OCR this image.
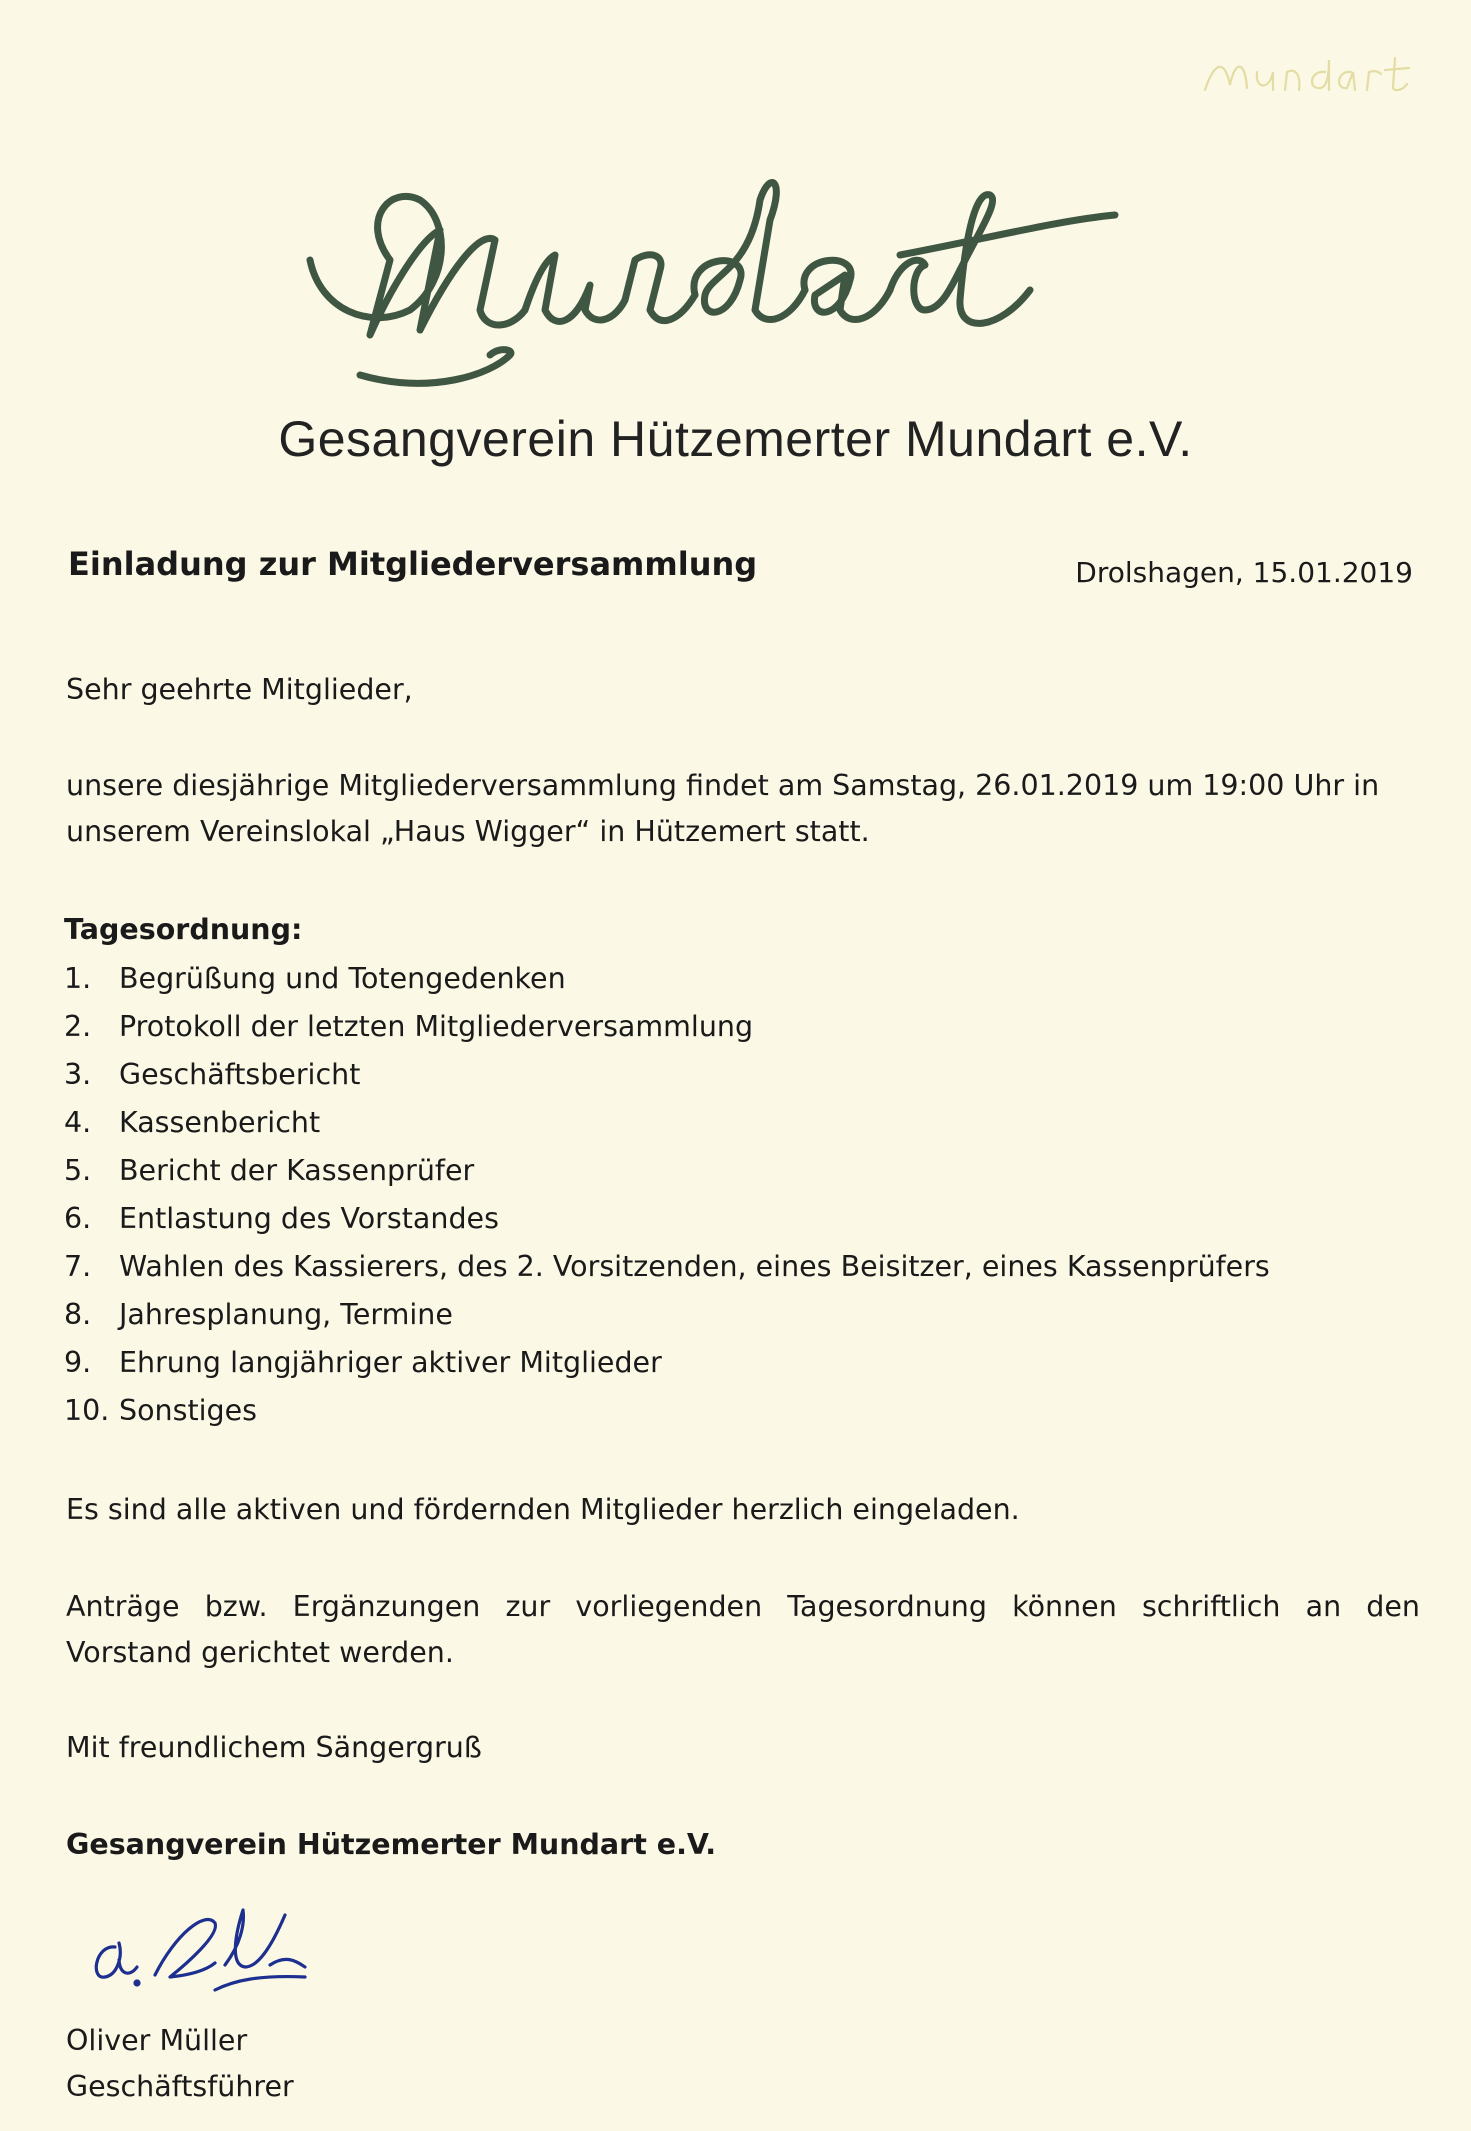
Gesangverein Hützemerter Mundart e.V.
Einladung zur Mitgliederversammlung	Drolshagen, 15.01.2019
Sehr geehrte Mitglieder,
unsere diesjährige Mitgliederversammlung findet am Samstag, 26.01.2019 um 19:00 Uhr in
unserem Vereinslokal „Haus Wigger“ in Hützemert statt.
Tagesordnung:
1. Begrüßung und Totengedenken
2. Protokoll der letzten Mitgliederversammlung
3. Geschäftsbericht
4. Kassenbericht
5. Bericht der Kassenprüfer
6. Entlastung des Vorstandes
7. Wahlen des Kassierers, des 2. Vorsitzenden, eines Beisitzer, eines Kassenprüfers
8. Jahresplanung, Termine
9. Ehrung langjähriger aktiver Mitglieder
10. Sonstiges
Es sind alle aktiven und fördernden Mitglieder herzlich eingeladen.
Anträge bzw. Ergänzungen zur vorliegenden Tagesordnung können schriftlich an den
Vorstand gerichtet werden.
Mit freundlichem Sängergruß
Gesangverein Hützemerter Mundart e.V.
Oliver Müller
Geschäftsführer
